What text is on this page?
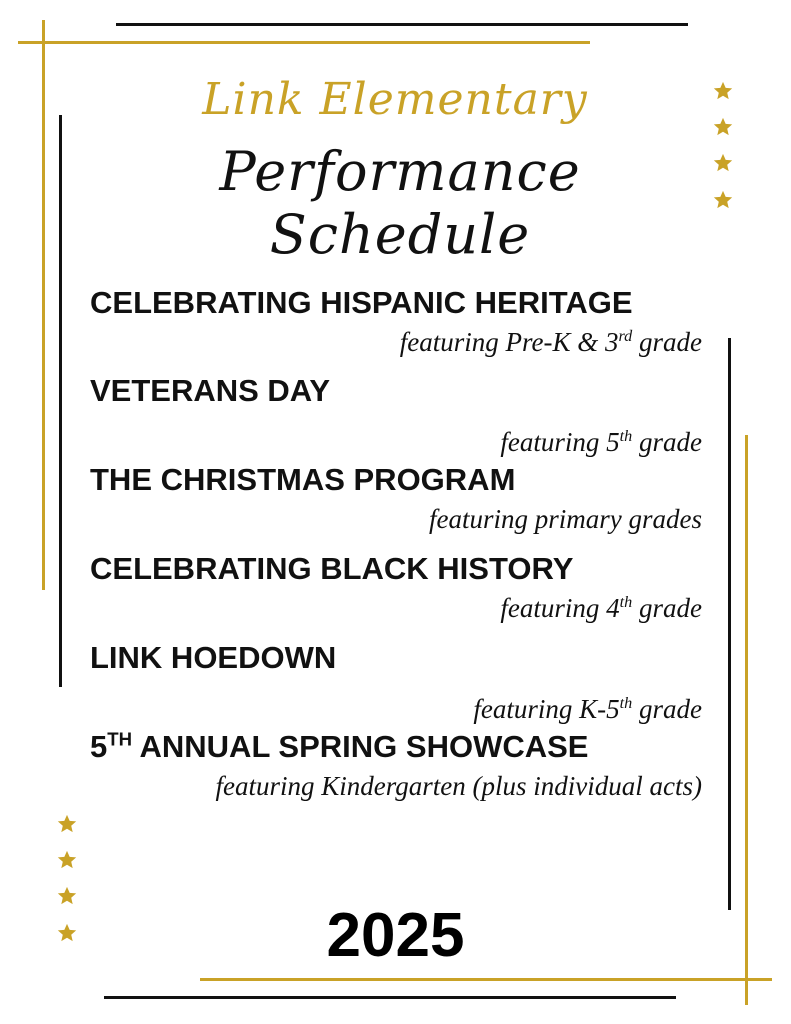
Link Elementary
Performance Schedule
CELEBRATING HISPANIC HERITAGE
featuring Pre-K & 3rd grade
VETERANS DAY
featuring 5th grade
THE CHRISTMAS PROGRAM
featuring primary grades
CELEBRATING BLACK HISTORY
featuring 4th grade
LINK HOEDOWN
featuring K-5th grade
5TH ANNUAL SPRING SHOWCASE
featuring Kindergarten (plus individual acts)
2025
